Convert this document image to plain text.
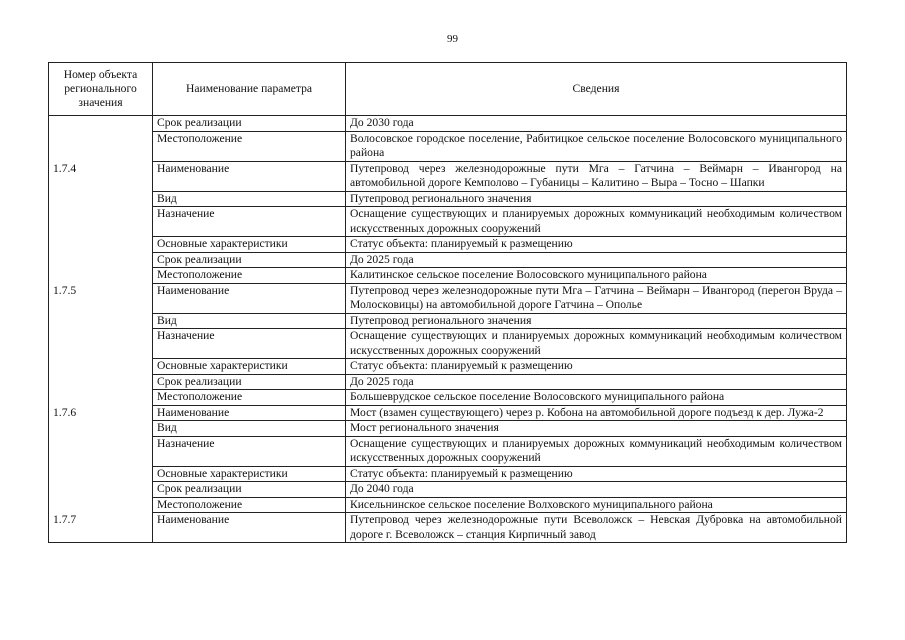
99
Номер объекта регионального значения	Наименование параметра	Сведения
	Срок реализации	До 2030 года
	Местоположение	Волосовское городское поселение, Рабитицкое сельское поселение Волосовского муниципального района
1.7.4	Наименование	Путепровод через железнодорожные пути Мга – Гатчина – Веймарн – Ивангород на автомобильной дороге Кемполово – Губаницы – Калитино – Выра – Тосно – Шапки
	Вид	Путепровод регионального значения
	Назначение	Оснащение существующих и планируемых дорожных коммуникаций необходимым количеством искусственных дорожных сооружений
	Основные характеристики	Статус объекта: планируемый к размещению
	Срок реализации	До 2025 года
	Местоположение	Калитинское сельское поселение Волосовского муниципального района
1.7.5	Наименование	Путепровод через железнодорожные пути Мга – Гатчина – Веймарн – Ивангород (перегон Вруда – Молосковицы) на автомобильной дороге Гатчина – Ополье
	Вид	Путепровод регионального значения
	Назначение	Оснащение существующих и планируемых дорожных коммуникаций необходимым количеством искусственных дорожных сооружений
	Основные характеристики	Статус объекта: планируемый к размещению
	Срок реализации	До 2025 года
	Местоположение	Большеврудское сельское поселение Волосовского муниципального района
1.7.6	Наименование	Мост (взамен существующего) через р. Кобона на автомобильной дороге подъезд к дер. Лужа-2
	Вид	Мост регионального значения
	Назначение	Оснащение существующих и планируемых дорожных коммуникаций необходимым количеством искусственных дорожных сооружений
	Основные характеристики	Статус объекта: планируемый к размещению
	Срок реализации	До 2040 года
	Местоположение	Кисельнинское сельское поселение Волховского муниципального района
1.7.7	Наименование	Путепровод через железнодорожные пути Всеволожск – Невская Дубровка на автомобильной дороге г. Всеволожск – станция Кирпичный завод
